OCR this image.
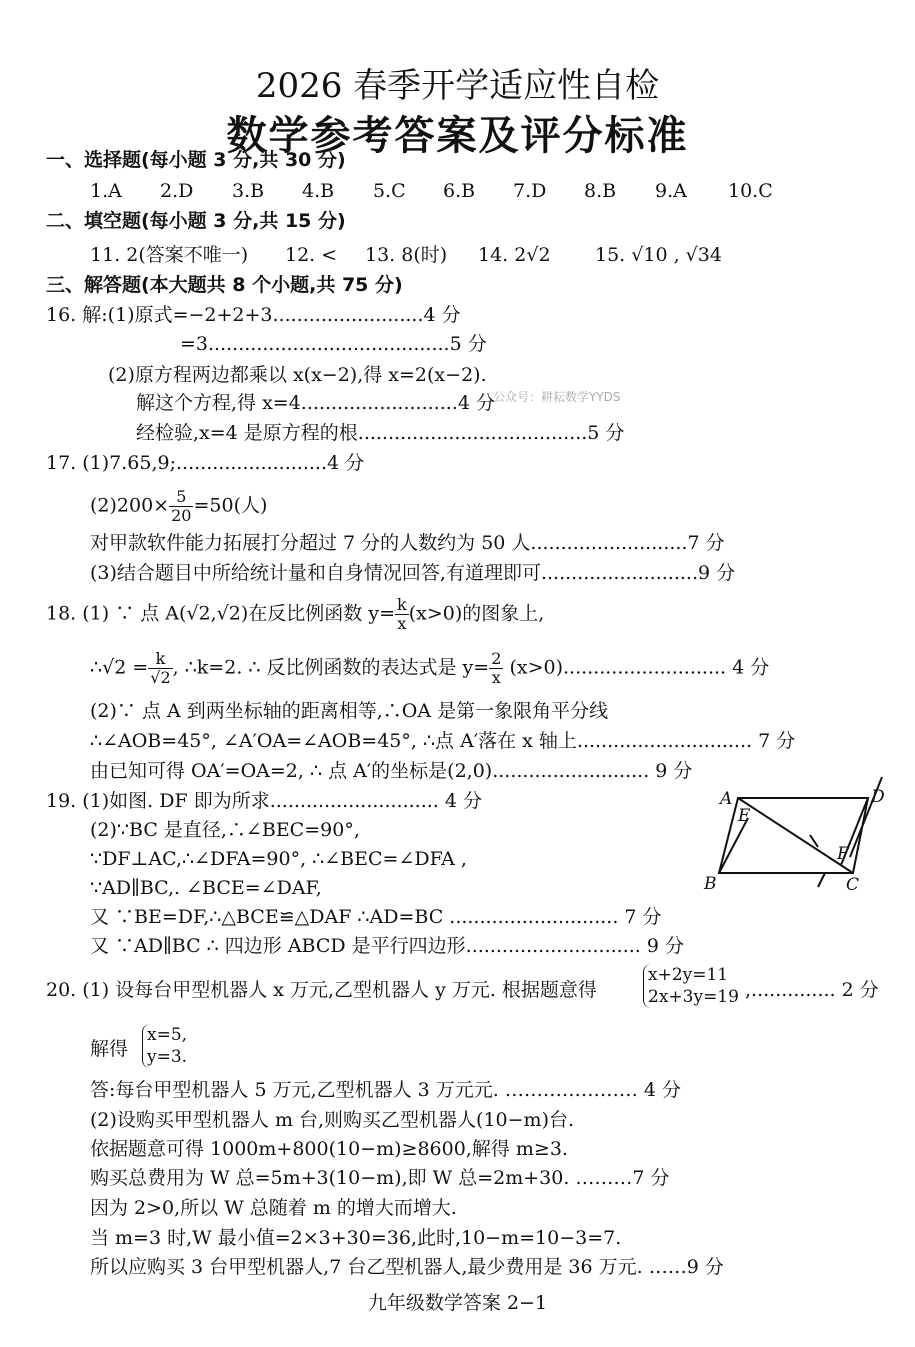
2026 春季开学适应性自检
数学参考答案及评分标准
一、选择题(每小题 3 分,共 30 分)
1.A 2.D 3.B 4.B 5.C 6.B 7.D 8.B 9.A 10.C
二、填空题(每小题 3 分,共 15 分)
11. 2(答案不唯一) 12. < 13. 8(时) 14. 2√2 15. √10 , √34
三、解答题(本大题共 8 个小题,共 75 分)
16. 解:(1)原式=−2+2+3.........................4 分
=3........................................5 分
(2)原方程两边都乘以 x(x−2),得 x=2(x−2).
解这个方程,得 x=4..........................4 分
公众号：耕耘数学YYDS
经检验,x=4 是原方程的根......................................5 分
17. (1)7.65,9;.........................4 分
$(2)200\times \frac{5}{20} =50$(人)
对甲款软件能力拓展打分超过 7 分的人数约为 50 人..........................7 分
(3)结合题目中所给统计量和自身情况回答,有道理即可..........................9 分
18. (1) ∵ 点 A(√2,√2)在反比例函数 $y= \frac{k}{x} (x>0)$的图象上,
∴√2 = $\frac{k}{√2}$ , ∴k=2. ∴ 反比例函数的表达式是 $y= \frac{2}{x} (x>0)$........................... 4 分
(2)∵ 点 A 到两坐标轴的距离相等,∴OA 是第一象限角平分线
∴∠AOB=45°, ∠A′OA=∠AOB=45°, ∴点 A′落在 x 轴上............................. 7 分
由已知可得 OA′=OA=2, ∴ 点 A′的坐标是(2,0).......................... 9 分
19. (1)如图. DF 即为所求............................ 4 分
(2)∵BC 是直径,∴∠BEC=90°,
∵DF⊥AC,∴∠DFA=90°, ∴∠BEC=∠DFA ,
∵AD∥BC,. ∠BCE=∠DAF,
又 ∵BE=DF,∴△BCE≌△DAF ∴AD=BC ............................ 7 分
又 ∵AD∥BC ∴ 四边形 ABCD 是平行四边形............................. 9 分
A	D
E
F
B	C
20. (1) 设每台甲型机器人 x 万元,乙型机器人 y 万元. 根据题意得
x+2y=11
2x+3y=19 ,.............. 2 分
解得
x=5,
y=3.
答:每台甲型机器人 5 万元,乙型机器人 3 万元元. ………………… 4 分
(2)设购买甲型机器人 m 台,则购买乙型机器人(10−m)台.
依据题意可得 1000m+800(10−m)≥8600,解得 m≥3.
购买总费用为 W 总=5m+3(10−m),即 W 总=2m+30. ………7 分
因为 2>0,所以 W 总随着 m 的增大而增大.
当 m=3 时,W 最小值=2×3+30=36,此时,10−m=10−3=7.
所以应购买 3 台甲型机器人,7 台乙型机器人,最少费用是 36 万元. ……9 分
九年级数学答案 2−1
